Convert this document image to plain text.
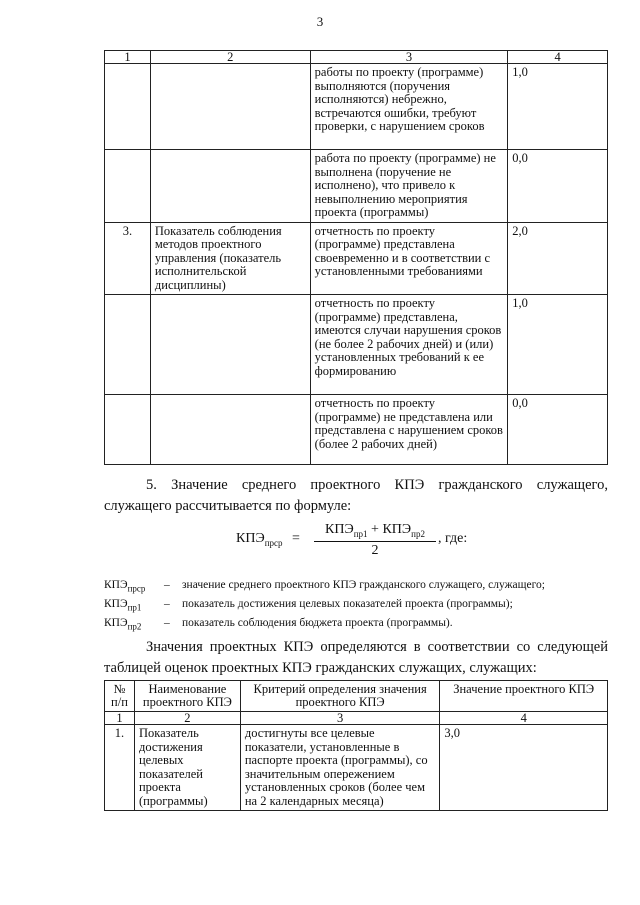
3
1	2	3	4
		работы по проекту (программе) выполняются (поручения исполняются) небрежно, встречаются ошибки, требуют проверки, с нарушением сроков	1,0
		работа по проекту (программе) не выполнена (поручение не исполнено), что привело к невыполнению мероприятия проекта (программы)	0,0
3.	Показатель соблюдения методов проектного управления (показатель исполнительской дисциплины)	отчетность по проекту (программе) представлена своевременно и в соответствии с установленными требованиями	2,0
		отчетность по проекту (программе) представлена, имеются случаи нарушения сроков (не более 2 рабочих дней) и (или) установленных требований к ее формированию	1,0
		отчетность по проекту (программе) не представлена или представлена с нарушением сроков (более 2 рабочих дней)	0,0
5. Значение среднего проектного КПЭ гражданского служащего, служащего рассчитывается по формуле:
$КПЭ_{прср}$ =
$КПЭ_{пр1} + КПЭ_{пр2}$
2
, где:
$КПЭ_{прср}$ – значение среднего проектного КПЭ гражданского служащего, служащего;
$КПЭ_{пр1}$ – показатель достижения целевых показателей проекта (программы);
$КПЭ_{пр2}$ – показатель соблюдения бюджета проекта (программы).
Значения проектных КПЭ определяются в соответствии со следующей таблицей оценок проектных КПЭ гражданских служащих, служащих:
№ п/п	Наименование проектного КПЭ	Критерий определения значения проектного КПЭ	Значение проектного КПЭ
1	2	3	4
1.	Показатель достижения целевых показателей проекта (программы)	достигнуты все целевые показатели, установленные в паспорте проекта (программы), со значительным опережением установленных сроков (более чем на 2 календарных месяца)	3,0
